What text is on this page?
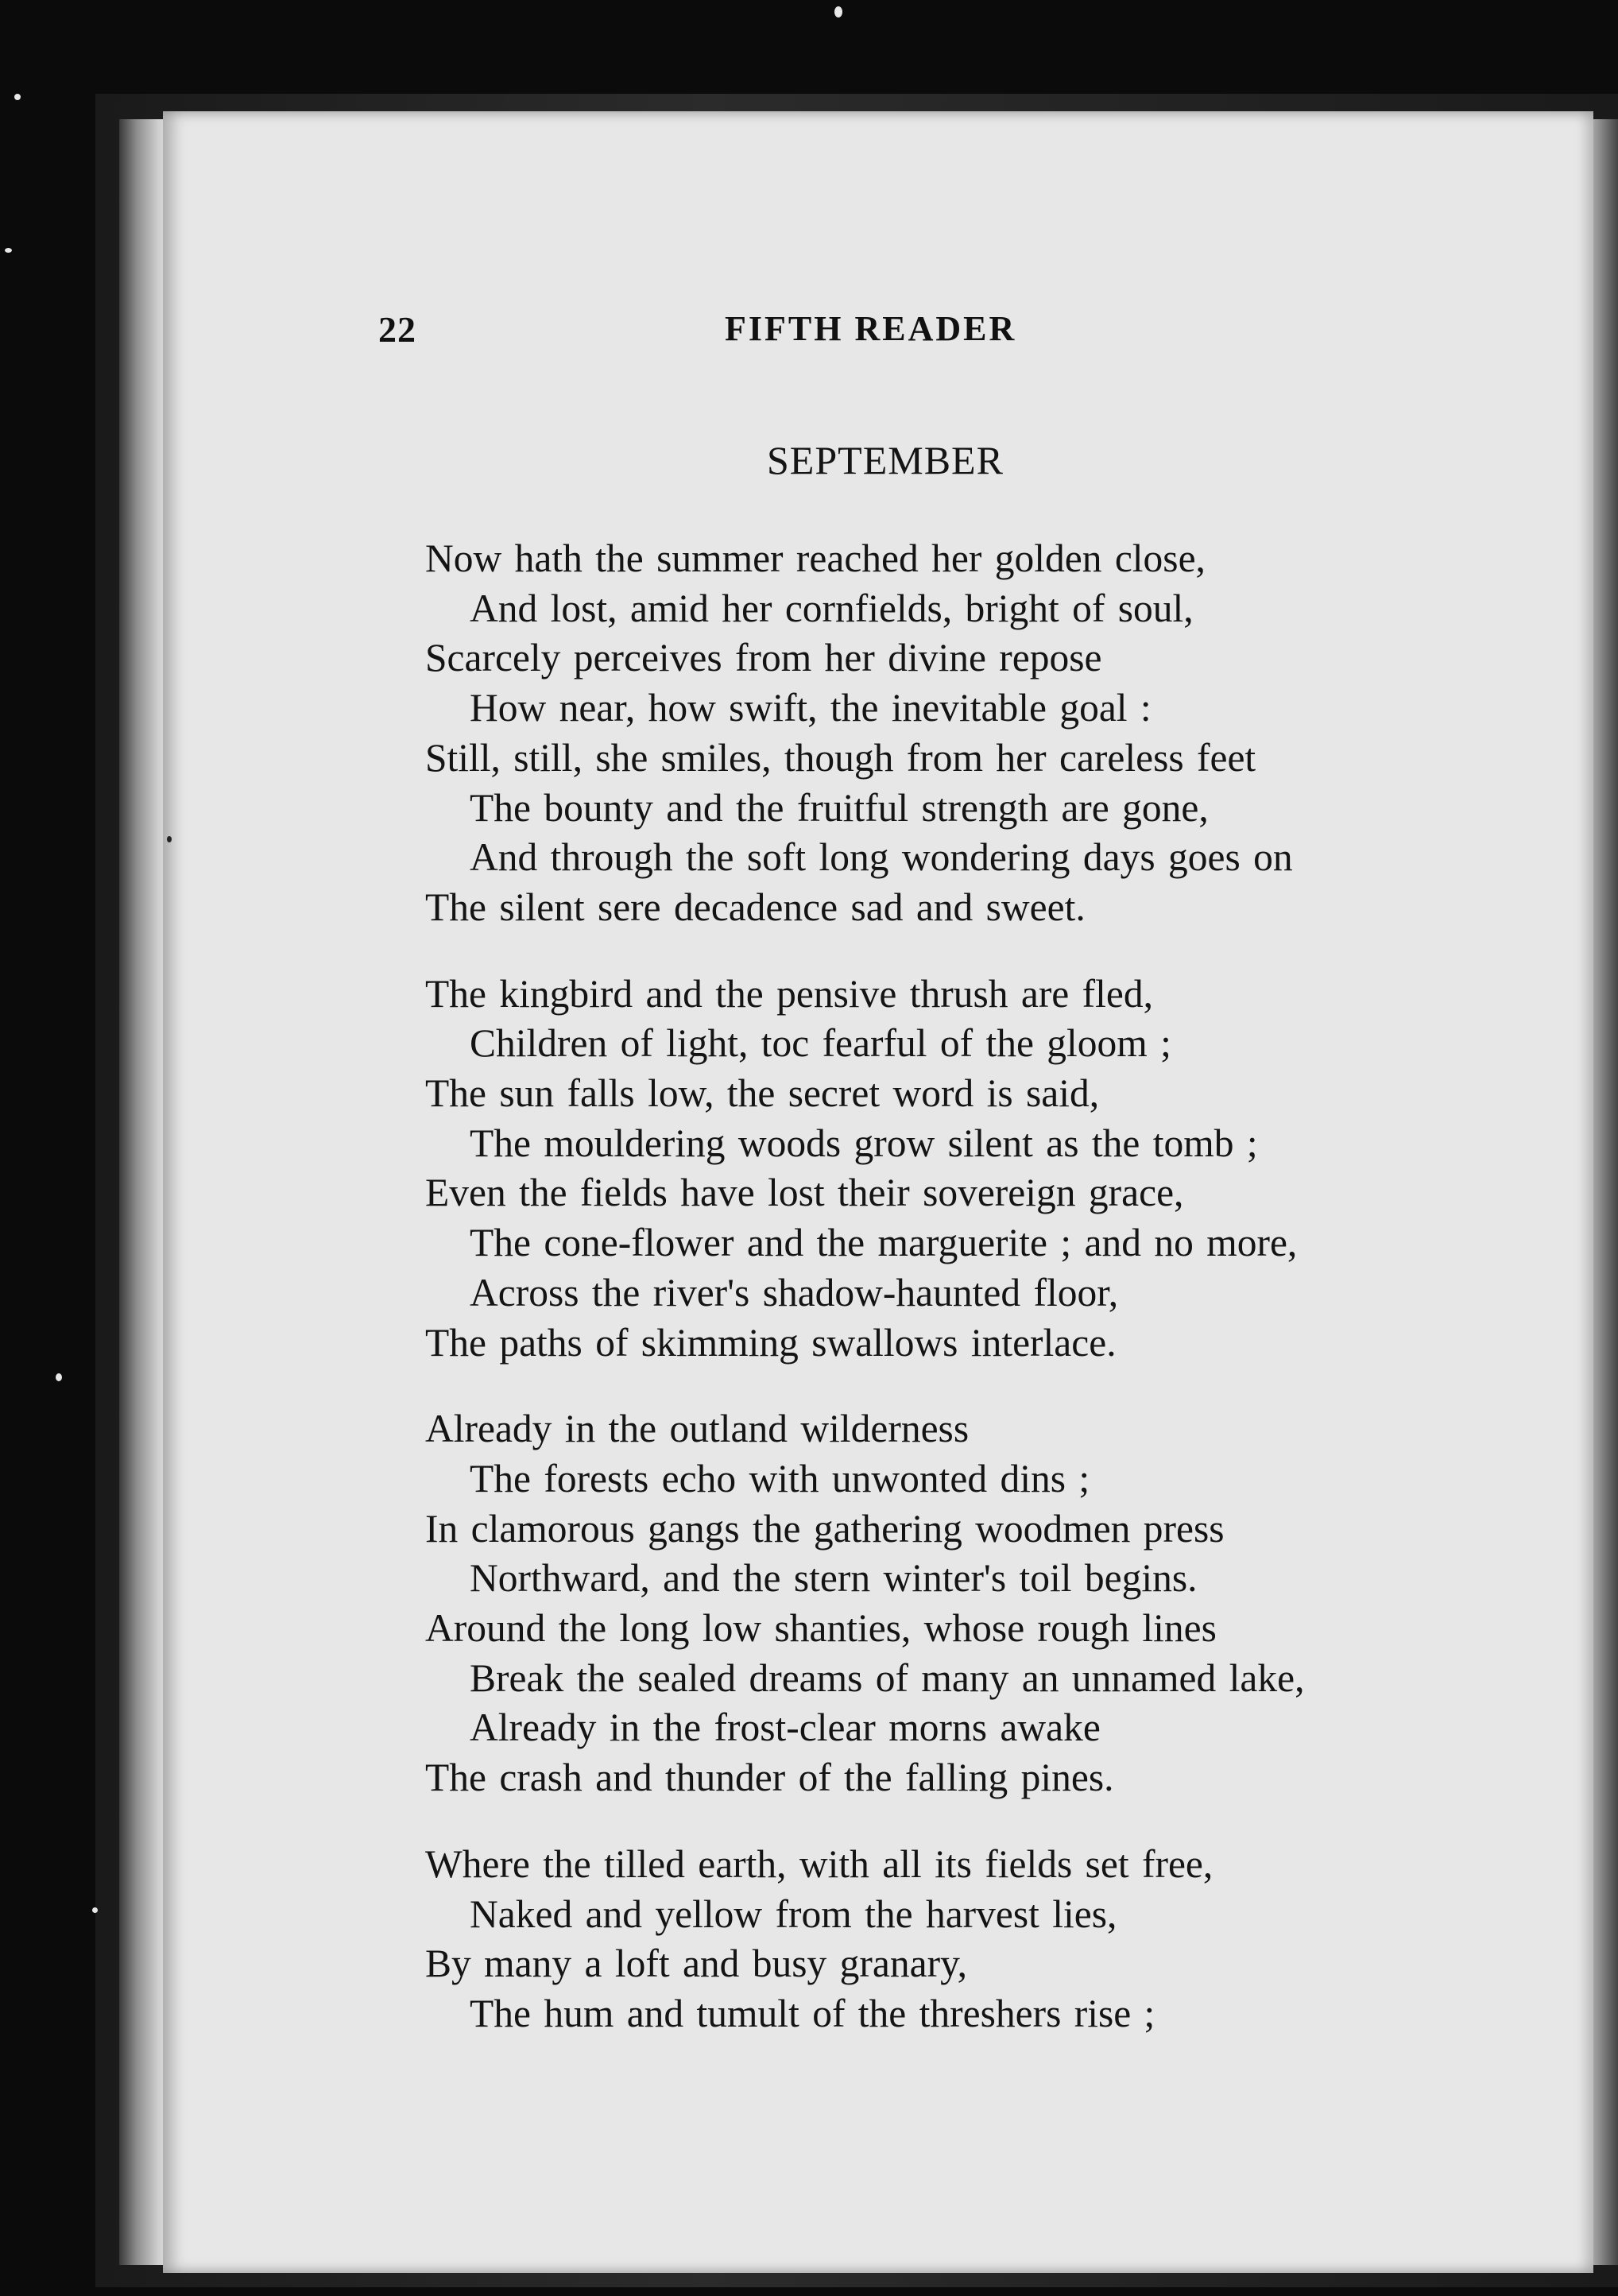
22	FIFTH READER
SEPTEMBER
Now hath the summer reached her golden close,
And lost, amid her cornfields, bright of soul,
Scarcely perceives from her divine repose
How near, how swift, the inevitable goal :
Still, still, she smiles, though from her careless feet
The bounty and the fruitful strength are gone,
And through the soft long wondering days goes on
The silent sere decadence sad and sweet.
The kingbird and the pensive thrush are fled,
Children of light, toc fearful of the gloom ;
The sun falls low, the secret word is said,
The mouldering woods grow silent as the tomb ;
Even the fields have lost their sovereign grace,
The cone-flower and the marguerite ; and no more,
Across the river's shadow-haunted floor,
The paths of skimming swallows interlace.
Already in the outland wilderness
The forests echo with unwonted dins ;
In clamorous gangs the gathering woodmen press
Northward, and the stern winter's toil begins.
Around the long low shanties, whose rough lines
Break the sealed dreams of many an unnamed lake,
Already in the frost-clear morns awake
The crash and thunder of the falling pines.
Where the tilled earth, with all its fields set free,
Naked and yellow from the harvest lies,
By many a loft and busy granary,
The hum and tumult of the threshers rise ;
